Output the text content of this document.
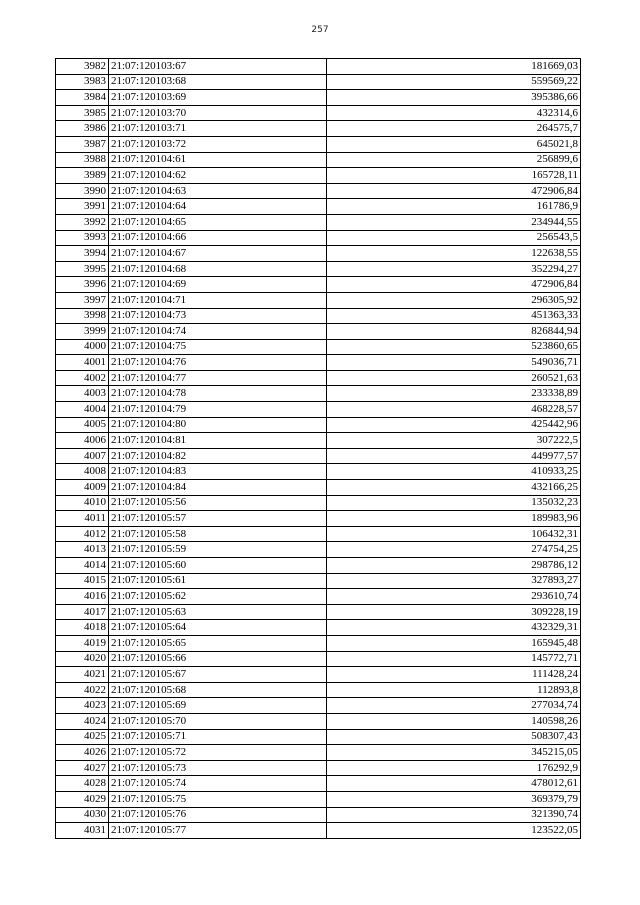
257
3982	21:07:120103:67	181669,03
3983	21:07:120103:68	559569,22
3984	21:07:120103:69	395386,66
3985	21:07:120103:70	432314,6
3986	21:07:120103:71	264575,7
3987	21:07:120103:72	645021,8
3988	21:07:120104:61	256899,6
3989	21:07:120104:62	165728,11
3990	21:07:120104:63	472906,84
3991	21:07:120104:64	161786,9
3992	21:07:120104:65	234944,55
3993	21:07:120104:66	256543,5
3994	21:07:120104:67	122638,55
3995	21:07:120104:68	352294,27
3996	21:07:120104:69	472906,84
3997	21:07:120104:71	296305,92
3998	21:07:120104:73	451363,33
3999	21:07:120104:74	826844,94
4000	21:07:120104:75	523860,65
4001	21:07:120104:76	549036,71
4002	21:07:120104:77	260521,63
4003	21:07:120104:78	233338,89
4004	21:07:120104:79	468228,57
4005	21:07:120104:80	425442,96
4006	21:07:120104:81	307222,5
4007	21:07:120104:82	449977,57
4008	21:07:120104:83	410933,25
4009	21:07:120104:84	432166,25
4010	21:07:120105:56	135032,23
4011	21:07:120105:57	189983,96
4012	21:07:120105:58	106432,31
4013	21:07:120105:59	274754,25
4014	21:07:120105:60	298786,12
4015	21:07:120105:61	327893,27
4016	21:07:120105:62	293610,74
4017	21:07:120105:63	309228,19
4018	21:07:120105:64	432329,31
4019	21:07:120105:65	165945,48
4020	21:07:120105:66	145772,71
4021	21:07:120105:67	111428,24
4022	21:07:120105:68	112893,8
4023	21:07:120105:69	277034,74
4024	21:07:120105:70	140598,26
4025	21:07:120105:71	508307,43
4026	21:07:120105:72	345215,05
4027	21:07:120105:73	176292,9
4028	21:07:120105:74	478012,61
4029	21:07:120105:75	369379,79
4030	21:07:120105:76	321390,74
4031	21:07:120105:77	123522,05
